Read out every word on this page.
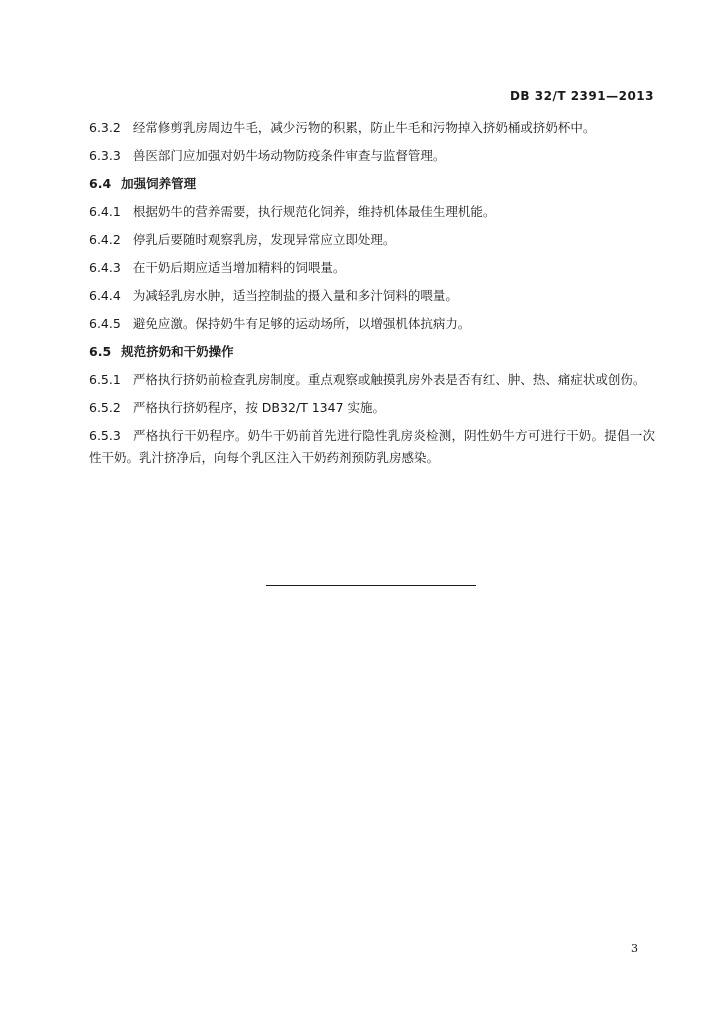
DB 32/T 2391—2013

6.3.2 经常修剪乳房周边牛毛，减少污物的积累，防止牛毛和污物掉入挤奶桶或挤奶杯中。

6.3.3 兽医部门应加强对奶牛场动物防疫条件审查与监督管理。

6.4 加强饲养管理

6.4.1 根据奶牛的营养需要，执行规范化饲养，维持机体最佳生理机能。

6.4.2 停乳后要随时观察乳房，发现异常应立即处理。

6.4.3 在干奶后期应适当增加精料的饲喂量。

6.4.4 为减轻乳房水肿，适当控制盐的摄入量和多汁饲料的喂量。

6.4.5 避免应激。保持奶牛有足够的运动场所，以增强机体抗病力。

6.5 规范挤奶和干奶操作

6.5.1 严格执行挤奶前检查乳房制度。重点观察或触摸乳房外表是否有红、肿、热、痛症状或创伤。

6.5.2 严格执行挤奶程序，按 DB32/T 1347 实施。

6.5.3 严格执行干奶程序。奶牛干奶前首先进行隐性乳房炎检测，阴性奶牛方可进行干奶。提倡一次性干奶。乳汁挤净后，向每个乳区注入干奶药剂预防乳房感染。

3
